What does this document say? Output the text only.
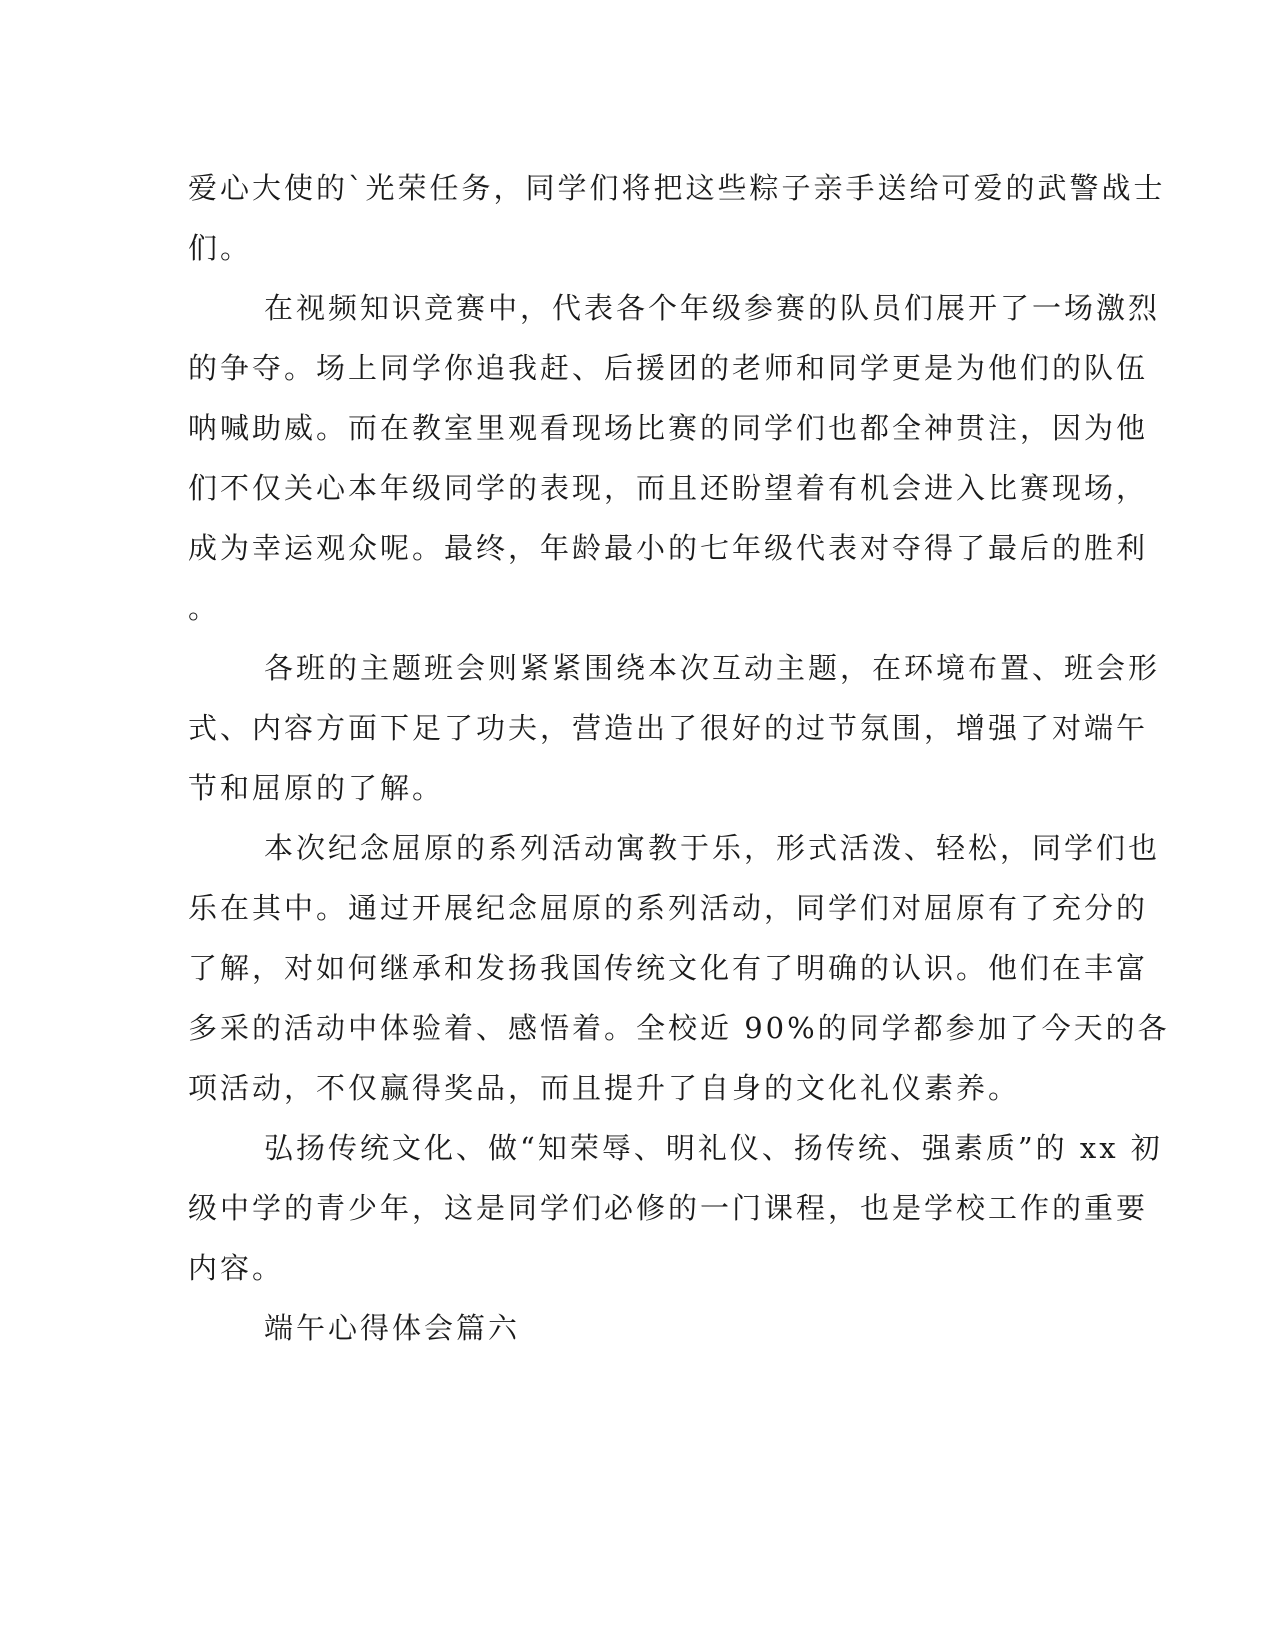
爱心大使的`光荣任务，同学们将把这些粽子亲手送给可爱的武警战士
们。
在视频知识竞赛中，代表各个年级参赛的队员们展开了一场激烈
的争夺。场上同学你追我赶、后援团的老师和同学更是为他们的队伍
呐喊助威。而在教室里观看现场比赛的同学们也都全神贯注，因为他
们不仅关心本年级同学的表现，而且还盼望着有机会进入比赛现场，
成为幸运观众呢。最终，年龄最小的七年级代表对夺得了最后的胜利
。
各班的主题班会则紧紧围绕本次互动主题，在环境布置、班会形
式、内容方面下足了功夫，营造出了很好的过节氛围，增强了对端午
节和屈原的了解。
本次纪念屈原的系列活动寓教于乐，形式活泼、轻松，同学们也
乐在其中。通过开展纪念屈原的系列活动，同学们对屈原有了充分的
了解，对如何继承和发扬我国传统文化有了明确的认识。他们在丰富
多采的活动中体验着、感悟着。全校近 90%的同学都参加了今天的各
项活动，不仅赢得奖品，而且提升了自身的文化礼仪素养。
弘扬传统文化、做“知荣辱、明礼仪、扬传统、强素质”的 xx 初
级中学的青少年，这是同学们必修的一门课程，也是学校工作的重要
内容。
端午心得体会篇六
